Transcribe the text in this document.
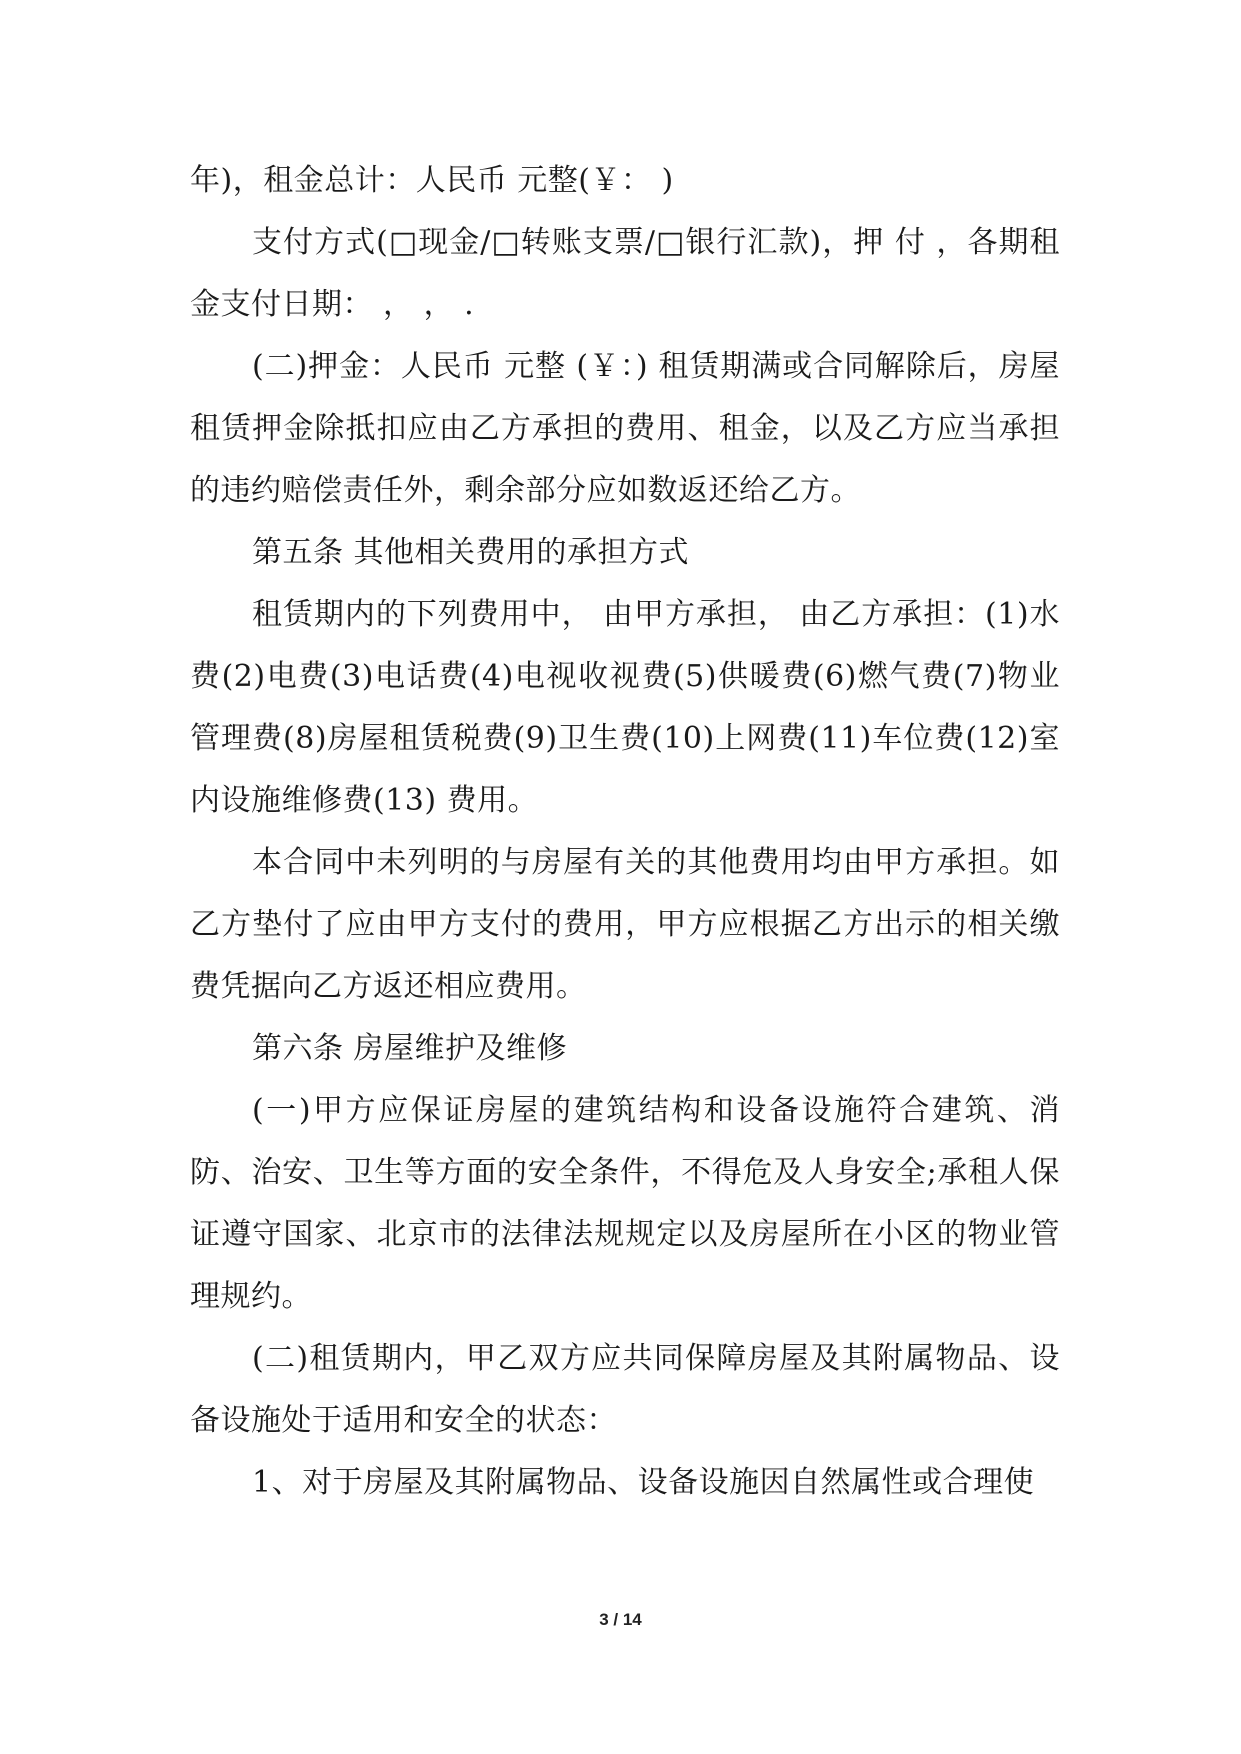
年)，租金总计：人民币 元整(￥： )

支付方式(□现金/□转账支票/□银行汇款)，押 付 ，各期租金支付日期： ， ， .

(二)押金：人民币 元整 (￥：) 租赁期满或合同解除后，房屋租赁押金除抵扣应由乙方承担的费用、租金，以及乙方应当承担的违约赔偿责任外，剩余部分应如数返还给乙方。

第五条 其他相关费用的承担方式

租赁期内的下列费用中， 由甲方承担， 由乙方承担：(1)水费(2)电费(3)电话费(4)电视收视费(5)供暖费(6)燃气费(7)物业管理费(8)房屋租赁税费(9)卫生费(10)上网费(11)车位费(12)室内设施维修费(13) 费用。

本合同中未列明的与房屋有关的其他费用均由甲方承担。如乙方垫付了应由甲方支付的费用，甲方应根据乙方出示的相关缴费凭据向乙方返还相应费用。

第六条 房屋维护及维修

(一)甲方应保证房屋的建筑结构和设备设施符合建筑、消防、治安、卫生等方面的安全条件，不得危及人身安全;承租人保证遵守国家、北京市的法律法规规定以及房屋所在小区的物业管理规约。

(二)租赁期内，甲乙双方应共同保障房屋及其附属物品、设备设施处于适用和安全的状态：

1、对于房屋及其附属物品、设备设施因自然属性或合理使

3 / 14
